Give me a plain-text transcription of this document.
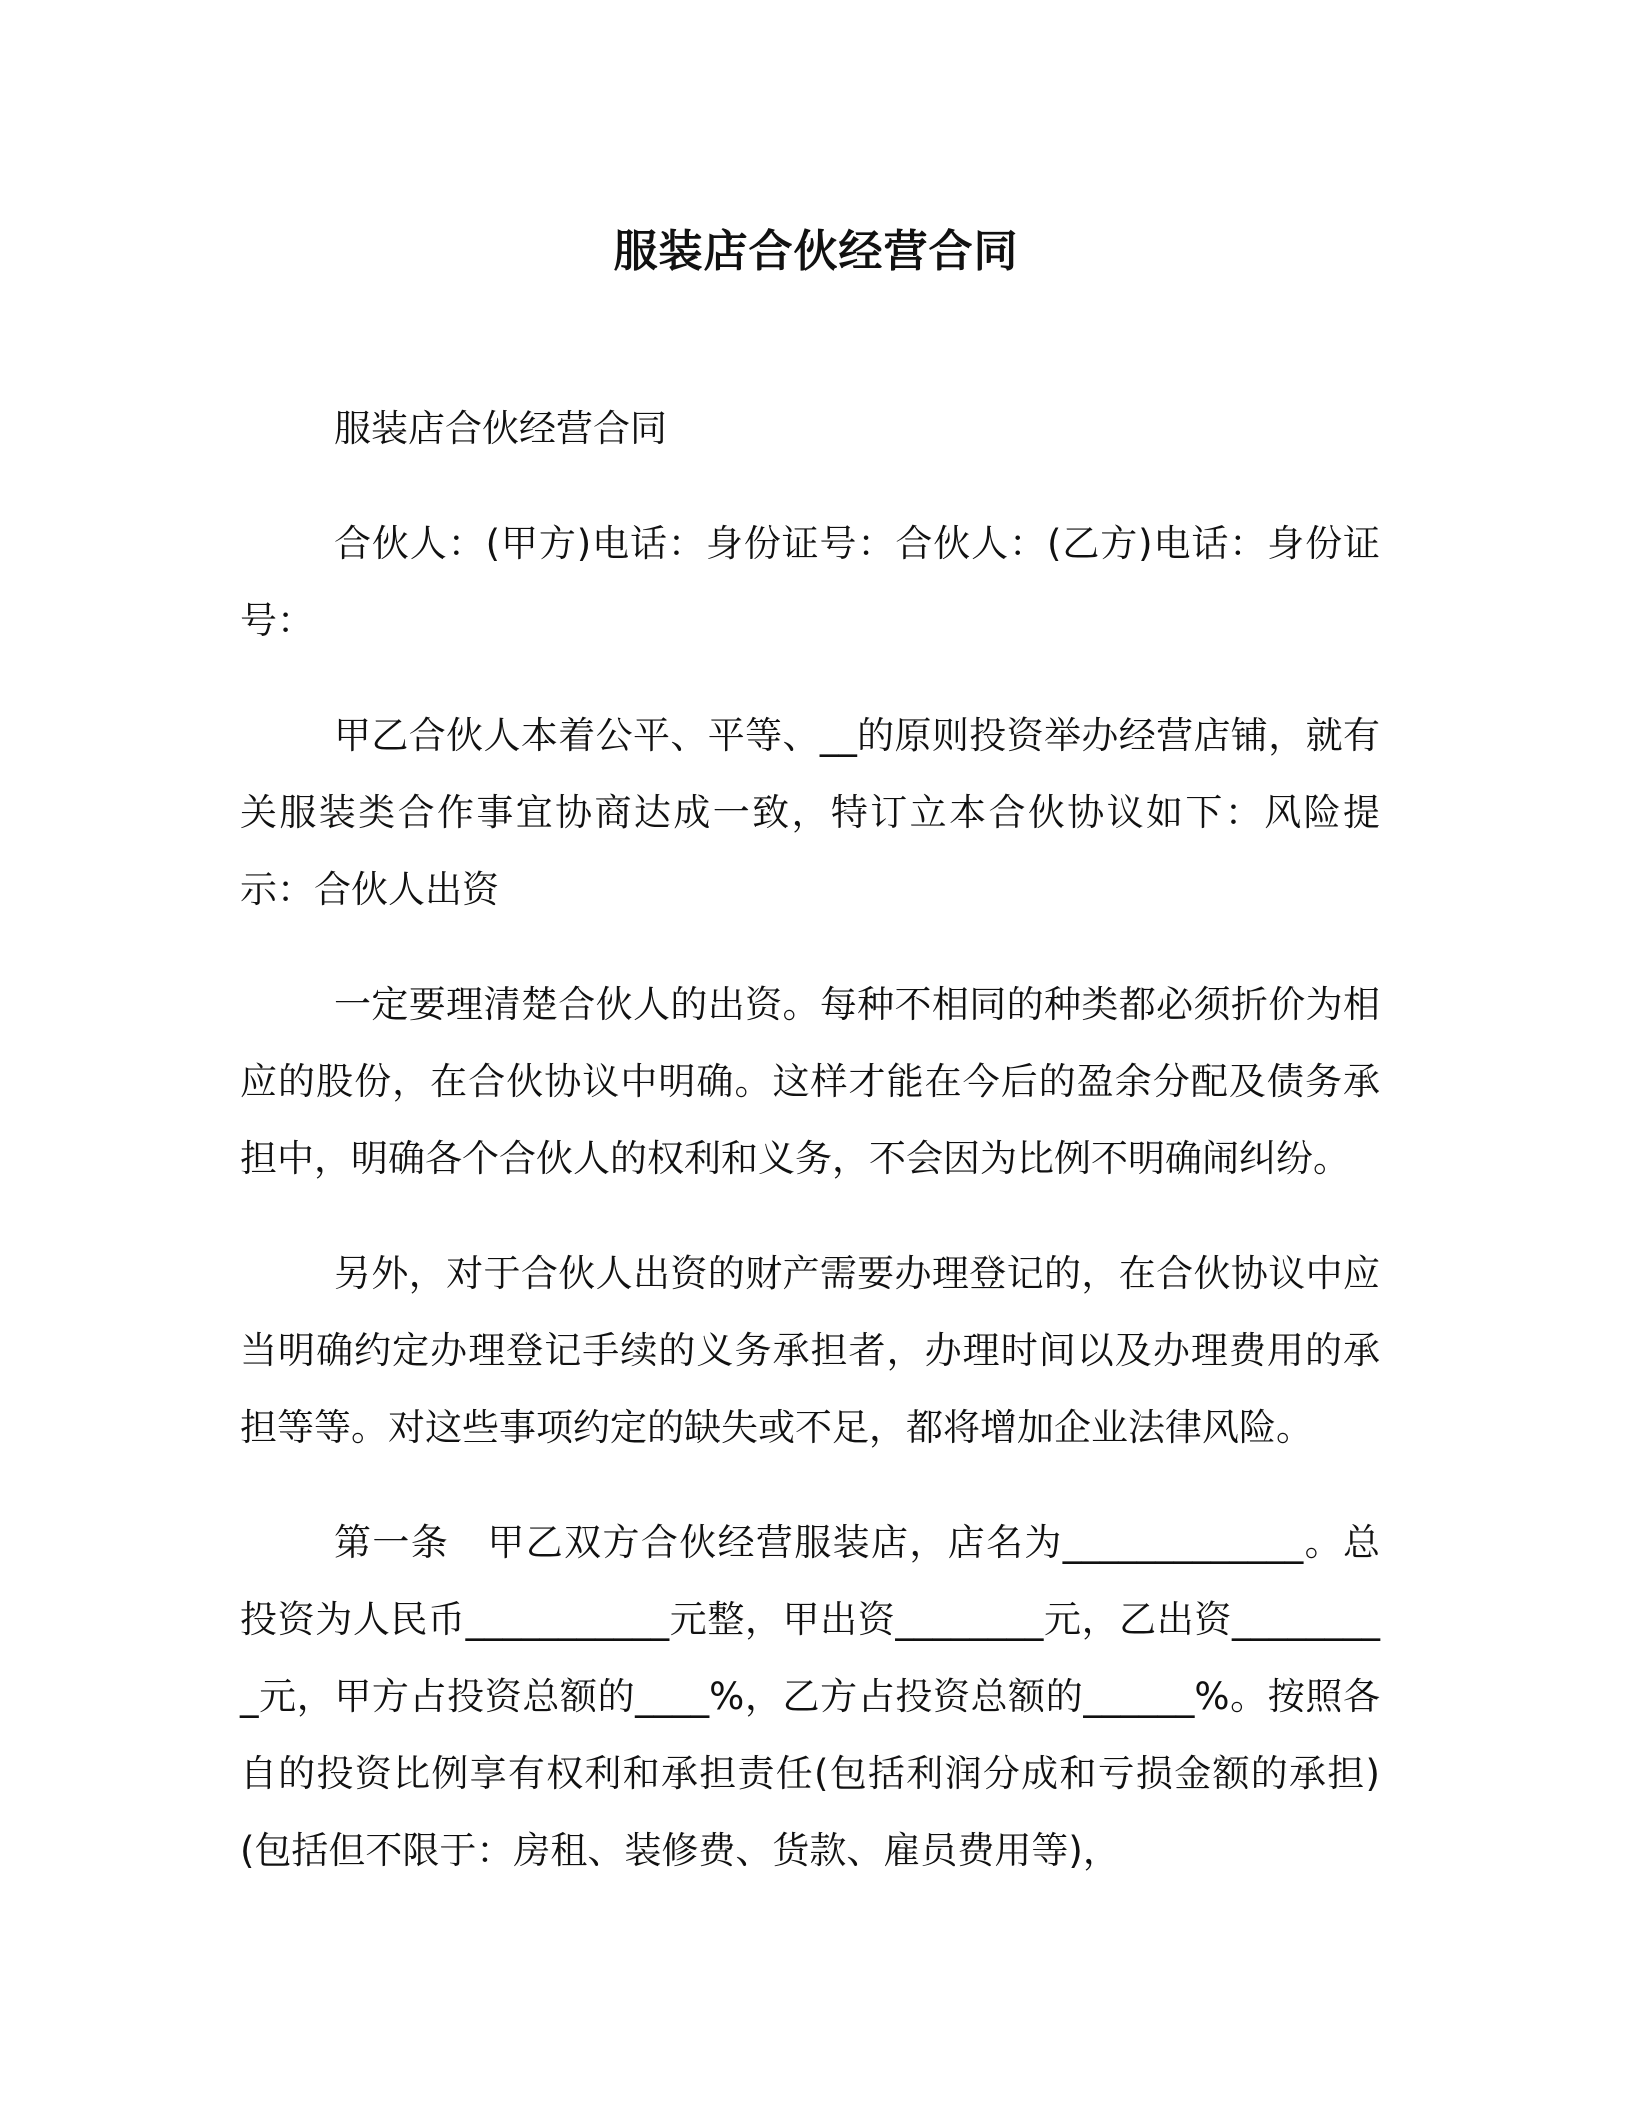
服装店合伙经营合同

服装店合伙经营合同

合伙人：(甲方)电话：身份证号：合伙人：(乙方)电话：身份证号：

甲乙合伙人本着公平、平等、__的原则投资举办经营店铺，就有关服装类合作事宜协商达成一致，特订立本合伙协议如下：风险提示：合伙人出资

一定要理清楚合伙人的出资。每种不相同的种类都必须折价为相应的股份，在合伙协议中明确。这样才能在今后的盈余分配及债务承担中，明确各个合伙人的权利和义务，不会因为比例不明确闹纠纷。

另外，对于合伙人出资的财产需要办理登记的，在合伙协议中应当明确约定办理登记手续的义务承担者，办理时间以及办理费用的承担等等。对这些事项约定的缺失或不足，都将增加企业法律风险。

第一条　甲乙双方合伙经营服装店，店名为_____________。总投资为人民币___________元整，甲出资________元，乙出资_________元，甲方占投资总额的____%，乙方占投资总额的______%。按照各自的投资比例享有权利和承担责任(包括利润分成和亏损金额的承担)(包括但不限于：房租、装修费、货款、雇员费用等)，
